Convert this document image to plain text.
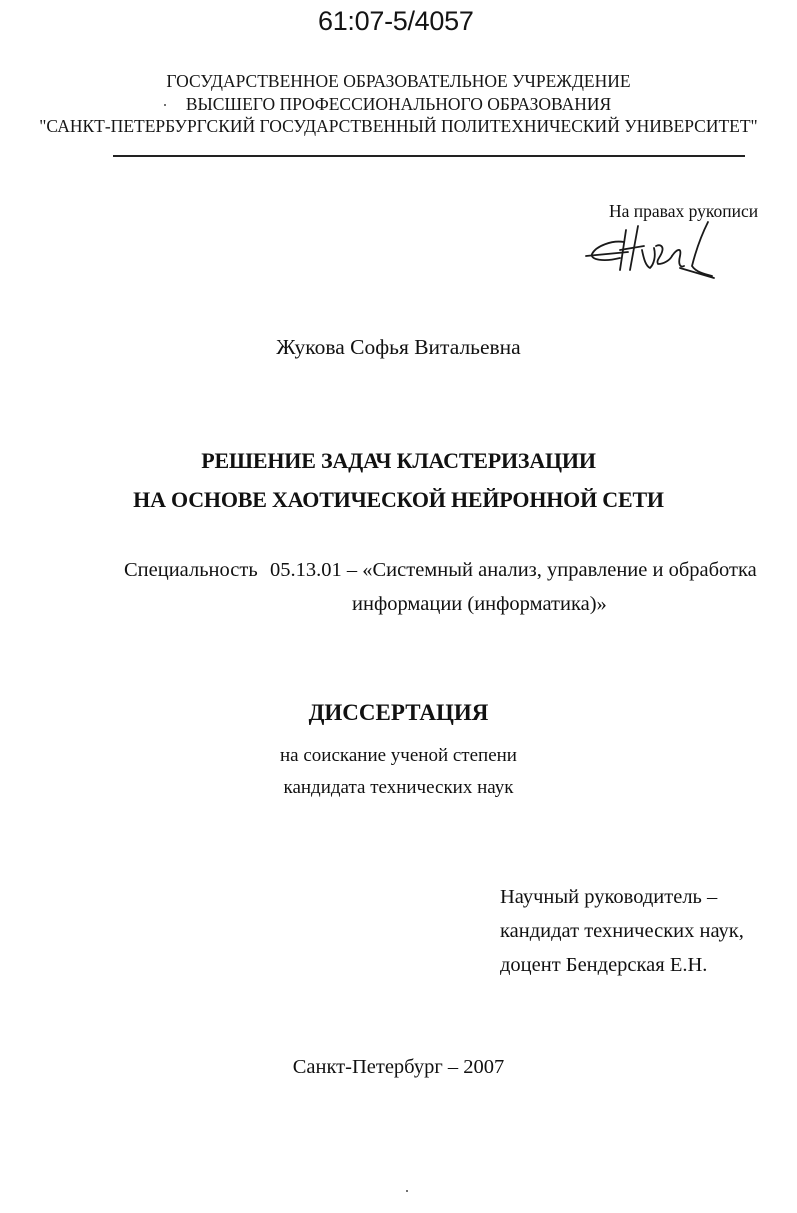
61:07-5/4057
ГОСУДАРСТВЕННОЕ ОБРАЗОВАТЕЛЬНОЕ УЧРЕЖДЕНИЕ
ВЫСШЕГО ПРОФЕССИОНАЛЬНОГО ОБРАЗОВАНИЯ
"САНКТ-ПЕТЕРБУРГСКИЙ ГОСУДАРСТВЕННЫЙ ПОЛИТЕХНИЧЕСКИЙ УНИВЕРСИТЕТ"
На правах рукописи
Жукова Софья Витальевна
РЕШЕНИЕ ЗАДАЧ КЛАСТЕРИЗАЦИИ
НА ОСНОВЕ ХАОТИЧЕСКОЙ НЕЙРОННОЙ СЕТИ
Специальность 05.13.01 – «Системный анализ, управление и обработка
информации (информатика)»
ДИССЕРТАЦИЯ
на соискание ученой степени
кандидата технических наук
Научный руководитель –
кандидат технических наук,
доцент Бендерская Е.Н.
Санкт-Петербург – 2007
